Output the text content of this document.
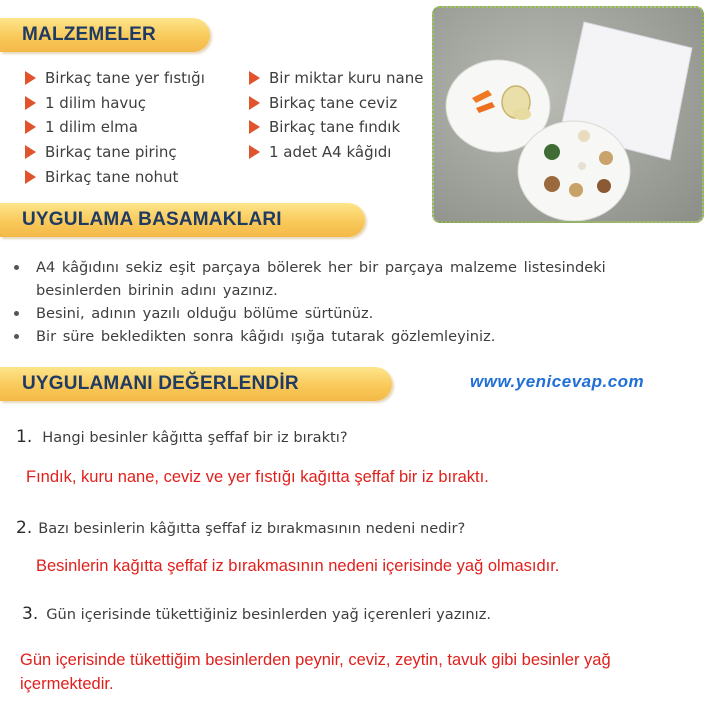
MALZEMELER
Birkaç tane yer fıstığı
1 dilim havuç
1 dilim elma
Birkaç tane pirinç
Birkaç tane nohut
Bir miktar kuru nane
Birkaç tane ceviz
Birkaç tane fındık
1 adet A4 kâğıdı
UYGULAMA BASAMAKLARI
A4 kâğıdını sekiz eşit parçaya bölerek her bir parçaya malzeme listesindeki besinlerden birinin adını yazınız.
Besini, adının yazılı olduğu bölüme sürtünüz.
Bir süre bekledikten sonra kâğıdı ışığa tutarak gözlemleyiniz.
UYGULAMANI DEĞERLENDİR	www.yenicevap.com
1. Hangi besinler kâğıtta şeffaf bir iz bıraktı?
Fındık, kuru nane, ceviz ve yer fıstığı kağıtta şeffaf bir iz bıraktı.
2. Bazı besinlerin kâğıtta şeffaf iz bırakmasının nedeni nedir?
Besinlerin kağıtta şeffaf iz bırakmasının nedeni içerisinde yağ olmasıdır.
3. Gün içerisinde tükettiğiniz besinlerden yağ içerenleri yazınız.
Gün içerisinde tükettiğim besinlerden peynir, ceviz, zeytin, tavuk gibi besinler yağ içermektedir.
